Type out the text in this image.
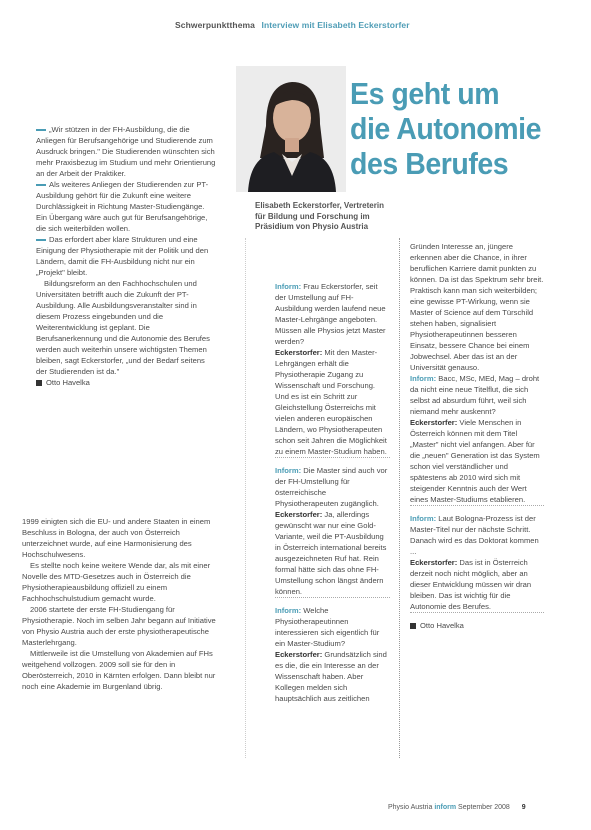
Schwerpunktthema Interview mit Elisabeth Eckerstorfer
Es geht um
die Autonomie
des Berufes
Elisabeth Eckerstorfer, Vertreterin für Bildung und Forschung im Präsidium von Physio Austria

„Wir stützen in der FH-Ausbildung, die die Anliegen für Berufsangehörige und Studierende zum Ausdruck bringen." Die Studierenden wünschten sich mehr Praxisbezug im Studium und mehr Orientierung an der Arbeit der Praktiker.

Als weiteres Anliegen der Studierenden zur PT-Ausbildung gehört für die Zukunft eine weitere Durchlässigkeit in Richtung Master-Studiengänge. Ein Übergang wäre auch gut für Berufsangehörige, die sich weiterbilden wollen.

Das erfordert aber klare Strukturen und eine Einigung der Physiotherapie mit der Politik und den Ländern, damit die FH-Ausbildung nicht nur ein „Projekt" bleibt.

Bildungsreform an den Fachhochschulen und Universitäten betrifft auch die Zukunft der PT-Ausbildung. Alle Ausbildungsveranstalter sind in diesem Prozess eingebunden und die Weiterentwicklung ist geplant. Die Berufsanerkennung und die Autonomie des Berufes werden auch weiterhin unsere wichtigsten Themen bleiben, sagt Eckerstorfer, „und der Bedarf seitens der Studierenden ist da."

Otto Havelka

1999 einigten sich die EU- und andere Staaten in einem Beschluss in Bologna, der auch von Österreich unterzeichnet wurde, auf eine Harmonisierung des Hochschulwesens.

Es stellte noch keine weitere Wende dar, als mit einer Novelle des MTD-Gesetzes auch in Österreich die Physiotherapieausbildung offiziell zu einem Fachhochschulstudium gemacht wurde.

2006 startete der erste FH-Studiengang für Physiotherapie. Noch im selben Jahr begann auf Initiative von Physio Austria auch der erste physiotherapeutische Masterlehrgang.

Mittlerweile ist die Umstellung von Akademien auf FHs weitgehend vollzogen. 2009 soll sie für den in Oberösterreich, 2010 in Kärnten erfolgen. Dann bleibt nur noch eine Akademie im Burgenland übrig.

Inform: Frau Eckerstorfer, seit der Umstellung auf FH-Ausbildung werden laufend neue Master-Lehrgänge angeboten. Müssen alle Physios jetzt Master werden?

Eckerstorfer: Mit den Master-Lehrgängen erhält die Physiotherapie Zugang zu Wissenschaft und Forschung. Und es ist ein Schritt zur Gleichstellung Österreichs mit vielen anderen europäischen Ländern, wo Physiotherapeuten schon seit Jahren die Möglichkeit zu einem Master-Studium haben.

Inform: Die Master sind auch vor der FH-Umstellung für österreichische Physiotherapeuten zugänglich.

Eckerstorfer: Ja, allerdings gewünscht war nur eine Gold-Variante, weil die PT-Ausbildung in Österreich international bereits ausgezeichneten Ruf hat. Rein formal hätte sich das ohne FH-Umstellung schon längst ändern können.

Inform: Welche Physiotherapeutinnen interessieren sich eigentlich für ein Master-Studium?

Eckerstorfer: Grundsätzlich sind es die, die ein Interesse an der Wissenschaft haben. Aber Kollegen melden sich hauptsächlich aus zeitlichen

Gründen Interesse an, jüngere erkennen aber die Chance, in ihrer beruflichen Karriere damit punkten zu können. Da ist das Spektrum sehr breit. Praktisch kann man sich weiterbilden; eine gewisse PT-Wirkung, wenn sie Master of Science auf dem Türschild stehen haben, signalisiert Physiotherapeutinnen besseren Einsatz, bessere Chance bei einem Jobwechsel. Aber das ist an der Universität genauso.

Inform: Bacc, MSc, MEd, Mag – droht da nicht eine neue Titelflut, die sich selbst ad absurdum führt, weil sich niemand mehr auskennt?

Eckerstorfer: Viele Menschen in Österreich können mit dem Titel „Master" nicht viel anfangen. Aber für die „neuen" Generation ist das System schon viel verständlicher und spätestens ab 2010 wird sich mit steigender Kenntnis auch der Wert eines Master-Studiums etablieren.

Inform: Laut Bologna-Prozess ist der Master-Titel nur der nächste Schritt. Danach wird es das Doktorat kommen ...

Eckerstorfer: Das ist in Österreich derzeit noch nicht möglich, aber an dieser Entwicklung müssen wir dran bleiben. Das ist wichtig für die Autonomie des Berufes.

Otto Havelka

Physio Austria inform September 2008 9
